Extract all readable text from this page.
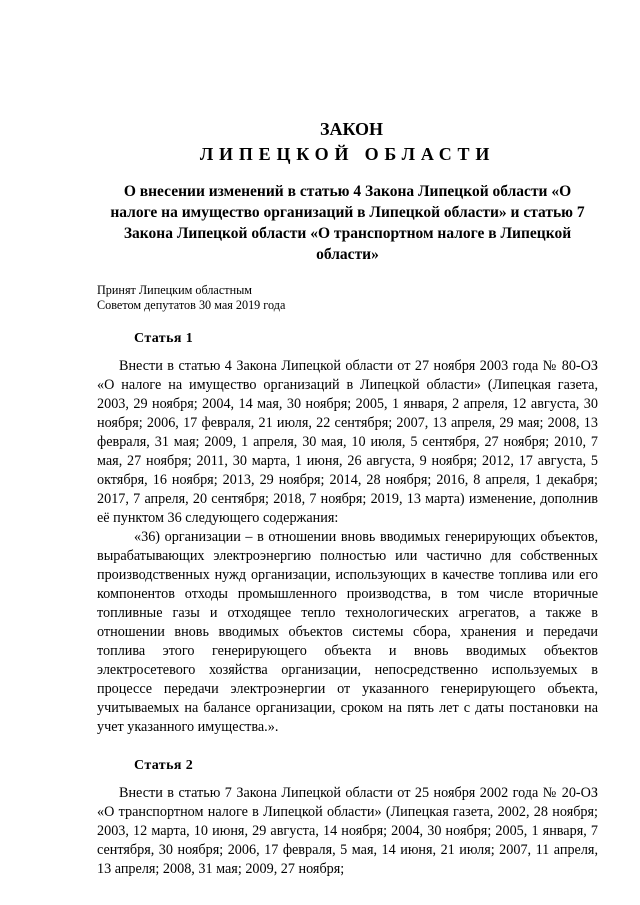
ЗАКОН
ЛИПЕЦКОЙ ОБЛАСТИ
О внесении изменений в статью 4 Закона Липецкой области «О налоге на имущество организаций в Липецкой области» и статью 7 Закона Липецкой области «О транспортном налоге в Липецкой области»
Принят Липецким областным
Советом депутатов 30 мая 2019 года
Статья 1

Внести в статью 4 Закона Липецкой области от 27 ноября 2003 года № 80-ОЗ «О налоге на имущество организаций в Липецкой области» (Липецкая газета, 2003, 29 ноября; 2004, 14 мая, 30 ноября; 2005, 1 января, 2 апреля, 12 августа, 30 ноября; 2006, 17 февраля, 21 июля, 22 сентября; 2007, 13 апреля, 29 мая; 2008, 13 февраля, 31 мая; 2009, 1 апреля, 30 мая, 10 июля, 5 сентября, 27 ноября; 2010, 7 мая, 27 ноября; 2011, 30 марта, 1 июня, 26 августа, 9 ноября; 2012, 17 августа, 5 октября, 16 ноября; 2013, 29 ноября; 2014, 28 ноября; 2016, 8 апреля, 1 декабря; 2017, 7 апреля, 20 сентября; 2018, 7 ноября; 2019, 13 марта) изменение, дополнив её пунктом 36 следующего содержания:

«36) организации – в отношении вновь вводимых генерирующих объектов, вырабатывающих электроэнергию полностью или частично для собственных производственных нужд организации, использующих в качестве топлива или его компонентов отходы промышленного производства, в том числе вторичные топливные газы и отходящее тепло технологических агрегатов, а также в отношении вновь вводимых объектов системы сбора, хранения и передачи топлива этого генерирующего объекта и вновь вводимых объектов электросетевого хозяйства организации, непосредственно используемых в процессе передачи электроэнергии от указанного генерирующего объекта, учитываемых на балансе организации, сроком на пять лет с даты постановки на учет указанного имущества.».

Статья 2

Внести в статью 7 Закона Липецкой области от 25 ноября 2002 года № 20-ОЗ «О транспортном налоге в Липецкой области» (Липецкая газета, 2002, 28 ноября; 2003, 12 марта, 10 июня, 29 августа, 14 ноября; 2004, 30 ноября; 2005, 1 января, 7 сентября, 30 ноября; 2006, 17 февраля, 5 мая, 14 июня, 21 июля; 2007, 11 апреля, 13 апреля; 2008, 31 мая; 2009, 27 ноября;
